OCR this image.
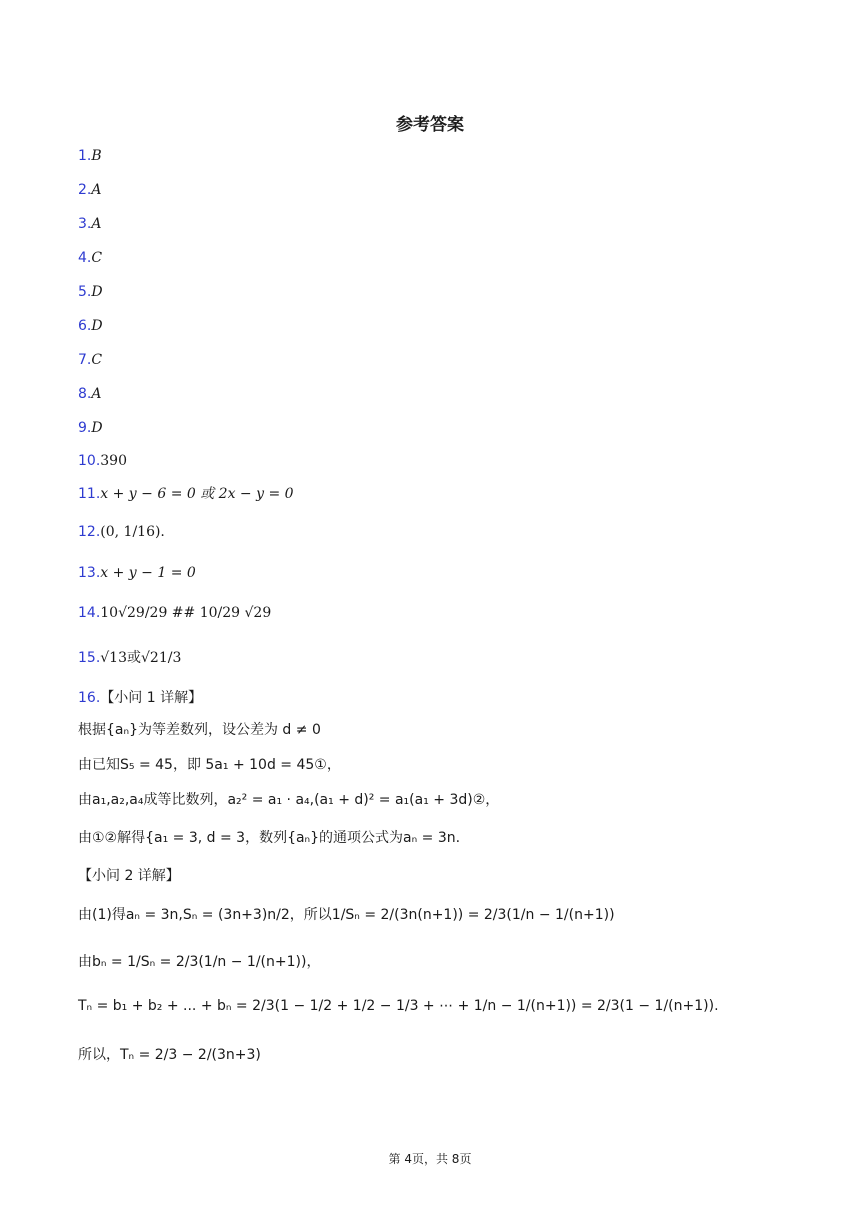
参考答案
1.B
2.A
3.A
4.C
5.D
6.D
7.C
8.A
9.D
10.390
11.x + y − 6 = 0 或 2x − y = 0
12.(0, 1/16).
13.x + y − 1 = 0
14.10√29/29 ## 10/29 √29
15.√13或√21/3
16.【小问 1 详解】
根据{aₙ}为等差数列，设公差为 d ≠ 0
由已知S₅ = 45，即 5a₁ + 10d = 45①，
由a₁,a₂,a₄成等比数列，a₂² = a₁ · a₄,(a₁ + d)² = a₁(a₁ + 3d)②，
由①②解得{a₁ = 3, d = 3，数列{aₙ}的通项公式为aₙ = 3n.
【小问 2 详解】
由(1)得aₙ = 3n,Sₙ = (3n+3)n/2，所以1/Sₙ = 2/(3n(n+1)) = 2/3(1/n − 1/(n+1))
由bₙ = 1/Sₙ = 2/3(1/n − 1/(n+1))，
Tₙ = b₁ + b₂ + ... + bₙ = 2/3(1 − 1/2 + 1/2 − 1/3 + ⋯ + 1/n − 1/(n+1)) = 2/3(1 − 1/(n+1)).
所以，Tₙ = 2/3 − 2/(3n+3)
第 4页，共 8页
